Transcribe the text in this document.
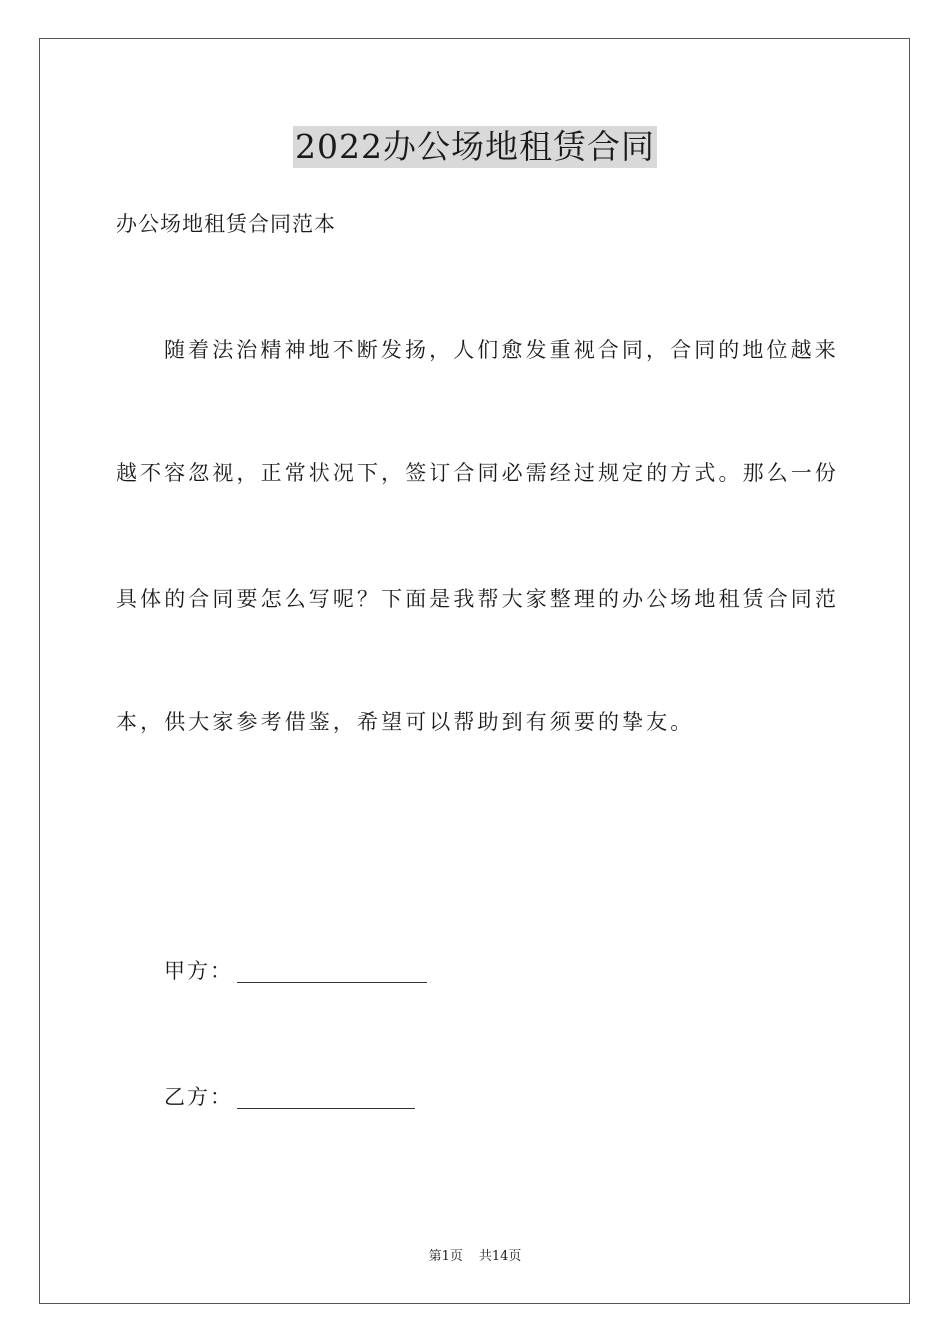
2022办公场地租赁合同
办公场地租赁合同范本
随着法治精神地不断发扬，人们愈发重视合同，合同的地位越来
越不容忽视，正常状况下，签订合同必需经过规定的方式。那么一份
具体的合同要怎么写呢？下面是我帮大家整理的办公场地租赁合同范
本，供大家参考借鉴，希望可以帮助到有须要的挚友。
甲方：
乙方：
第1页 共14页
